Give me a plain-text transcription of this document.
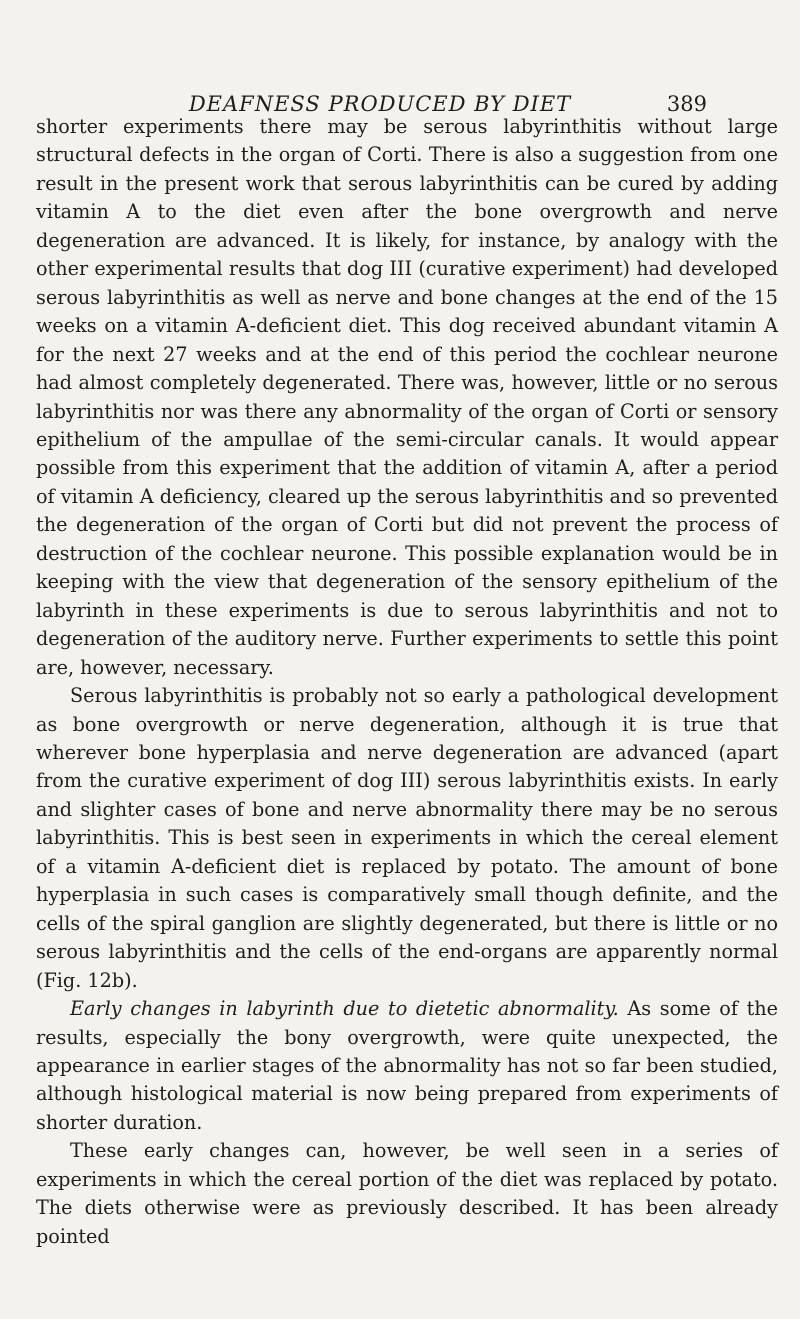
DEAFNESS PRODUCED BY DIET	389

shorter experiments there may be serous labyrinthitis without large structural defects in the organ of Corti. There is also a suggestion from one result in the present work that serous labyrinthitis can be cured by adding vitamin A to the diet even after the bone overgrowth and nerve degeneration are advanced. It is likely, for instance, by analogy with the other experimental results that dog III (curative experiment) had developed serous labyrinthitis as well as nerve and bone changes at the end of the 15 weeks on a vitamin A-deficient diet. This dog received abundant vitamin A for the next 27 weeks and at the end of this period the cochlear neurone had almost completely degenerated. There was, however, little or no serous labyrinthitis nor was there any abnormality of the organ of Corti or sensory epithelium of the ampullae of the semi-circular canals. It would appear possible from this experiment that the addition of vitamin A, after a period of vitamin A deficiency, cleared up the serous labyrinthitis and so prevented the degeneration of the organ of Corti but did not prevent the process of destruction of the cochlear neurone. This possible explanation would be in keeping with the view that degeneration of the sensory epithelium of the labyrinth in these experiments is due to serous labyrinthitis and not to degeneration of the auditory nerve. Further experiments to settle this point are, however, necessary.

Serous labyrinthitis is probably not so early a pathological development as bone overgrowth or nerve degeneration, although it is true that wherever bone hyperplasia and nerve degeneration are advanced (apart from the curative experiment of dog III) serous labyrinthitis exists. In early and slighter cases of bone and nerve abnormality there may be no serous labyrinthitis. This is best seen in experiments in which the cereal element of a vitamin A-deficient diet is replaced by potato. The amount of bone hyperplasia in such cases is comparatively small though definite, and the cells of the spiral ganglion are slightly degenerated, but there is little or no serous labyrinthitis and the cells of the end-organs are apparently normal (Fig. 12b).

Early changes in labyrinth due to dietetic abnormality. As some of the results, especially the bony overgrowth, were quite unexpected, the appearance in earlier stages of the abnormality has not so far been studied, although histological material is now being prepared from experiments of shorter duration.

These early changes can, however, be well seen in a series of experiments in which the cereal portion of the diet was replaced by potato. The diets otherwise were as previously described. It has been already pointed
